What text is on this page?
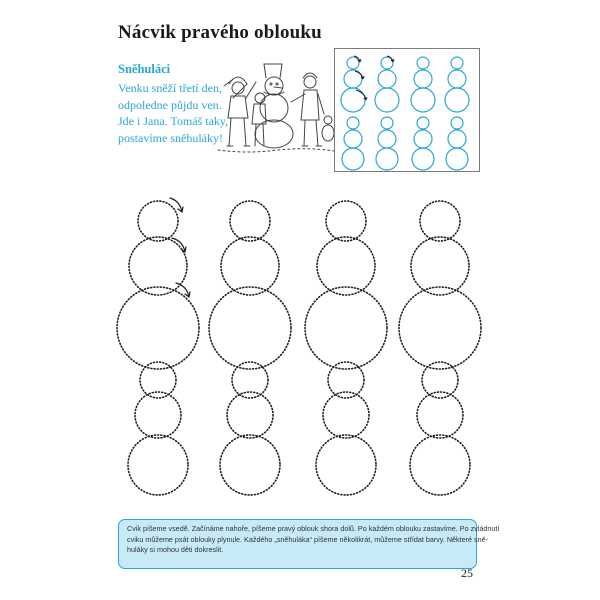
Nácvik pravého oblouku
Sněhuláci
Venku sněží třetí den,
odpoledne půjdu ven.
Jde i Jana. Tomáš taky,
postavíme sněhuláky!
Cvik píšeme vsedě. Začínáme nahoře, píšeme pravý oblouk shora dolů. Po každém oblouku zastavíme. Po zvládnutí
cviku můžeme psát oblouky plynule. Každého „sněhuláka“ píšeme několikrát, můžeme střídat barvy. Některé sně-
huláky si mohou děti dokreslit.
25
